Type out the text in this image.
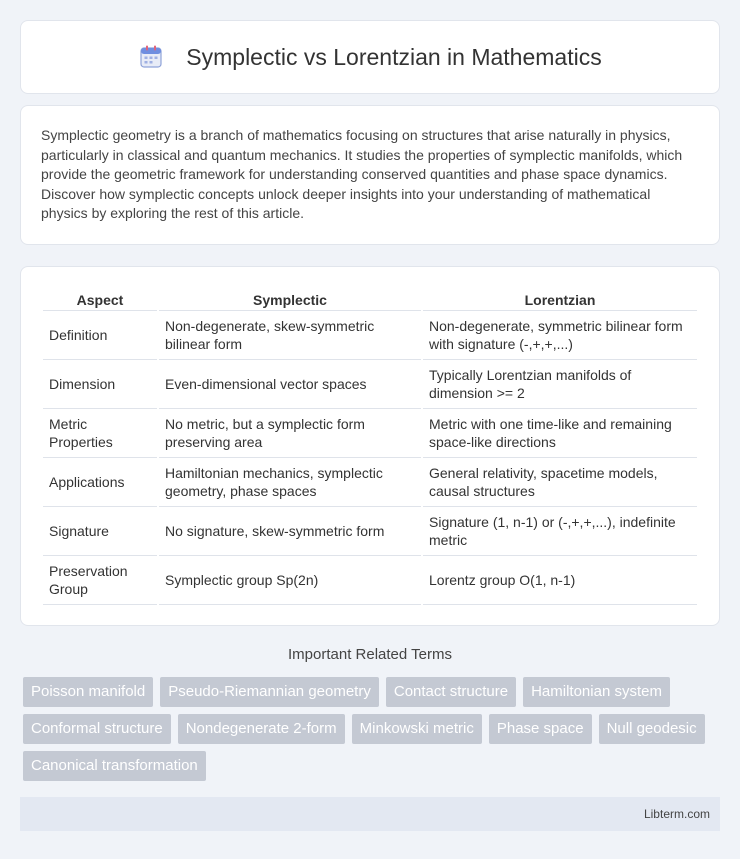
Symplectic vs Lorentzian in Mathematics

Symplectic geometry is a branch of mathematics focusing on structures that arise naturally in physics, particularly in classical and quantum mechanics. It studies the properties of symplectic manifolds, which provide the geometric framework for understanding conserved quantities and phase space dynamics. Discover how symplectic concepts unlock deeper insights into your understanding of mathematical physics by exploring the rest of this article.

Aspect	Symplectic	Lorentzian
Definition	Non-degenerate, skew-symmetric bilinear form	Non-degenerate, symmetric bilinear form with signature (-,+,+,...)
Dimension	Even-dimensional vector spaces	Typically Lorentzian manifolds of dimension >= 2
Metric Properties	No metric, but a symplectic form preserving area	Metric with one time-like and remaining space-like directions
Applications	Hamiltonian mechanics, symplectic geometry, phase spaces	General relativity, spacetime models, causal structures
Signature	No signature, skew-symmetric form	Signature (1, n-1) or (-,+,+,...), indefinite metric
Preservation Group	Symplectic group Sp(2n)	Lorentz group O(1, n-1)
Important Related Terms
Poisson manifold	Pseudo-Riemannian geometry	Contact structure	Hamiltonian system
Conformal structure	Nondegenerate 2-form	Minkowski metric	Phase space	Null geodesic
Canonical transformation
Libterm.com
